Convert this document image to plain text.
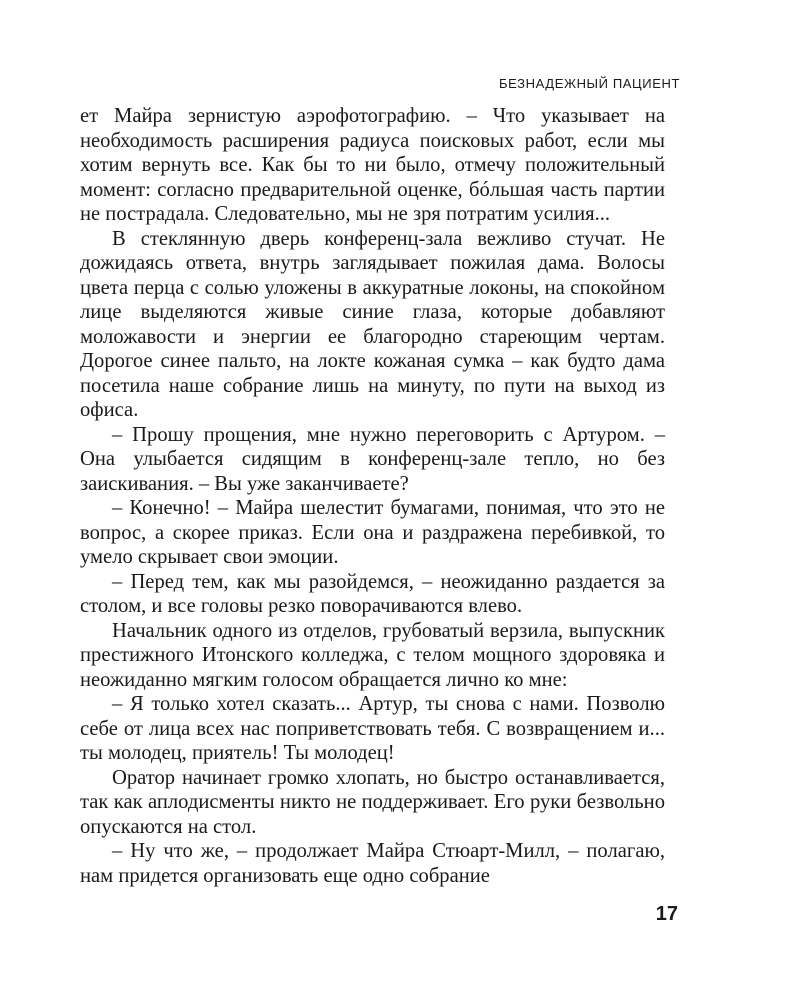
БЕЗНАДЕЖНЫЙ ПАЦИЕНТ

ет Майра зернистую аэрофотографию. – Что указывает на необходимость расширения радиуса поисковых работ, если мы хотим вернуть все. Как бы то ни было, отмечу положительный момент: согласно предварительной оценке, бóльшая часть партии не пострадала. Следовательно, мы не зря потратим усилия...

В стеклянную дверь конференц-зала вежливо стучат. Не дожидаясь ответа, внутрь заглядывает пожилая дама. Волосы цвета перца с солью уложены в аккуратные локоны, на спокойном лице выделяются живые синие глаза, которые добавляют моложавости и энергии ее благородно стареющим чертам. Дорогое синее пальто, на локте кожаная сумка – как будто дама посетила наше собрание лишь на минуту, по пути на выход из офиса.

– Прошу прощения, мне нужно переговорить с Артуром. – Она улыбается сидящим в конференц-зале тепло, но без заискивания. – Вы уже заканчиваете?

– Конечно! – Майра шелестит бумагами, понимая, что это не вопрос, а скорее приказ. Если она и раздражена перебивкой, то умело скрывает свои эмоции.

– Перед тем, как мы разойдемся, – неожиданно раздается за столом, и все головы резко поворачиваются влево.

Начальник одного из отделов, грубоватый верзила, выпускник престижного Итонского колледжа, с телом мощного здоровяка и неожиданно мягким голосом обращается лично ко мне:

– Я только хотел сказать... Артур, ты снова с нами. Позволю себе от лица всех нас поприветствовать тебя. С возвращением и... ты молодец, приятель! Ты молодец!

Оратор начинает громко хлопать, но быстро останавливается, так как аплодисменты никто не поддерживает. Его руки безвольно опускаются на стол.

– Ну что же, – продолжает Майра Стюарт-Милл, – полагаю, нам придется организовать еще одно собрание

17
